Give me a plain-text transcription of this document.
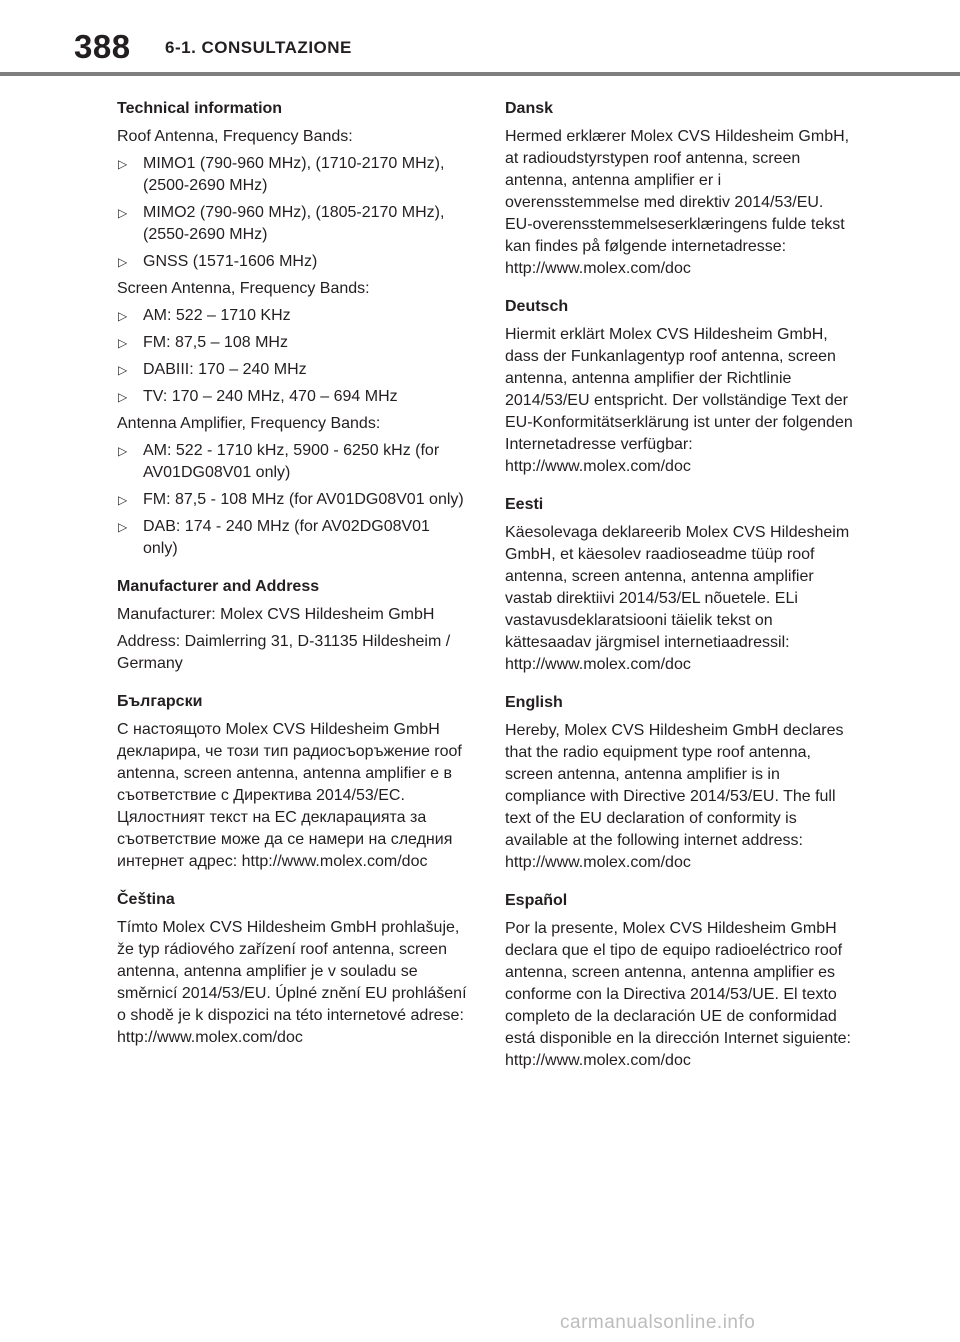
388 6-1. CONSULTAZIONE
Technical information

Roof Antenna, Frequency Bands:

▷ MIMO1 (790-960 MHz), (1710-2170 MHz), (2500-2690 MHz)
▷ MIMO2 (790-960 MHz), (1805-2170 MHz), (2550-2690 MHz)
▷ GNSS (1571-1606 MHz)

Screen Antenna, Frequency Bands:

▷ AM: 522 – 1710 KHz
▷ FM: 87,5 – 108 MHz
▷ DABIII: 170 – 240 MHz
▷ TV: 170 – 240 MHz, 470 – 694 MHz

Antenna Amplifier, Frequency Bands:

▷ AM: 522 - 1710 kHz, 5900 - 6250 kHz (for AV01DG08V01 only)
▷ FM: 87,5 - 108 MHz (for AV01DG08V01 only)
▷ DAB: 174 - 240 MHz (for AV02DG08V01 only)
Manufacturer and Address

Manufacturer: Molex CVS Hildesheim GmbH

Address: Daimlerring 31, D-31135 Hildesheim / Germany

Български

С настоящото Molex CVS Hildesheim GmbH декларира, че този тип радиосъоръжение roof antenna, screen antenna, antenna amplifier е в съответствие с Директива 2014/53/ЕС. Цялостният текст на ЕС декларацията за съответствие може да се намери на следния интернет адрес: http://www.molex.com/doc

Čeština

Tímto Molex CVS Hildesheim GmbH prohlašuje, že typ rádiového zařízení roof antenna, screen antenna, antenna amplifier je v souladu se směrnicí 2014/53/EU. Úplné znění EU prohlášení o shodě je k dispozici na této internetové adrese: http://www.molex.com/doc

Dansk

Hermed erklærer Molex CVS Hildesheim GmbH, at radioudstyrstypen roof antenna, screen antenna, antenna amplifier er i overensstemmelse med direktiv 2014/53/EU. EU-overensstemmelseserklæringens fulde tekst kan findes på følgende internetadresse: http://www.molex.com/doc

Deutsch

Hiermit erklärt Molex CVS Hildesheim GmbH, dass der Funkanlagentyp roof antenna, screen antenna, antenna amplifier der Richtlinie 2014/53/EU entspricht. Der vollständige Text der EU-Konformitätserklärung ist unter der folgenden Internetadresse verfügbar: http://www.molex.com/doc

Eesti

Käesolevaga deklareerib Molex CVS Hildesheim GmbH, et käesolev raadioseadme tüüp roof antenna, screen antenna, antenna amplifier vastab direktiivi 2014/53/EL nõuetele. ELi vastavusdeklaratsiooni täielik tekst on kättesaadav järgmisel internetiaadressil: http://www.molex.com/doc

English

Hereby, Molex CVS Hildesheim GmbH declares that the radio equipment type roof antenna, screen antenna, antenna amplifier is in compliance with Directive 2014/53/EU. The full text of the EU declaration of conformity is available at the following internet address: http://www.molex.com/doc

Español

Por la presente, Molex CVS Hildesheim GmbH declara que el tipo de equipo radioeléctrico roof antenna, screen antenna, antenna amplifier es conforme con la Directiva 2014/53/UE. El texto completo de la declaración UE de conformidad está disponible en la dirección Internet siguiente: http://www.molex.com/doc

carmanualsonline.info
